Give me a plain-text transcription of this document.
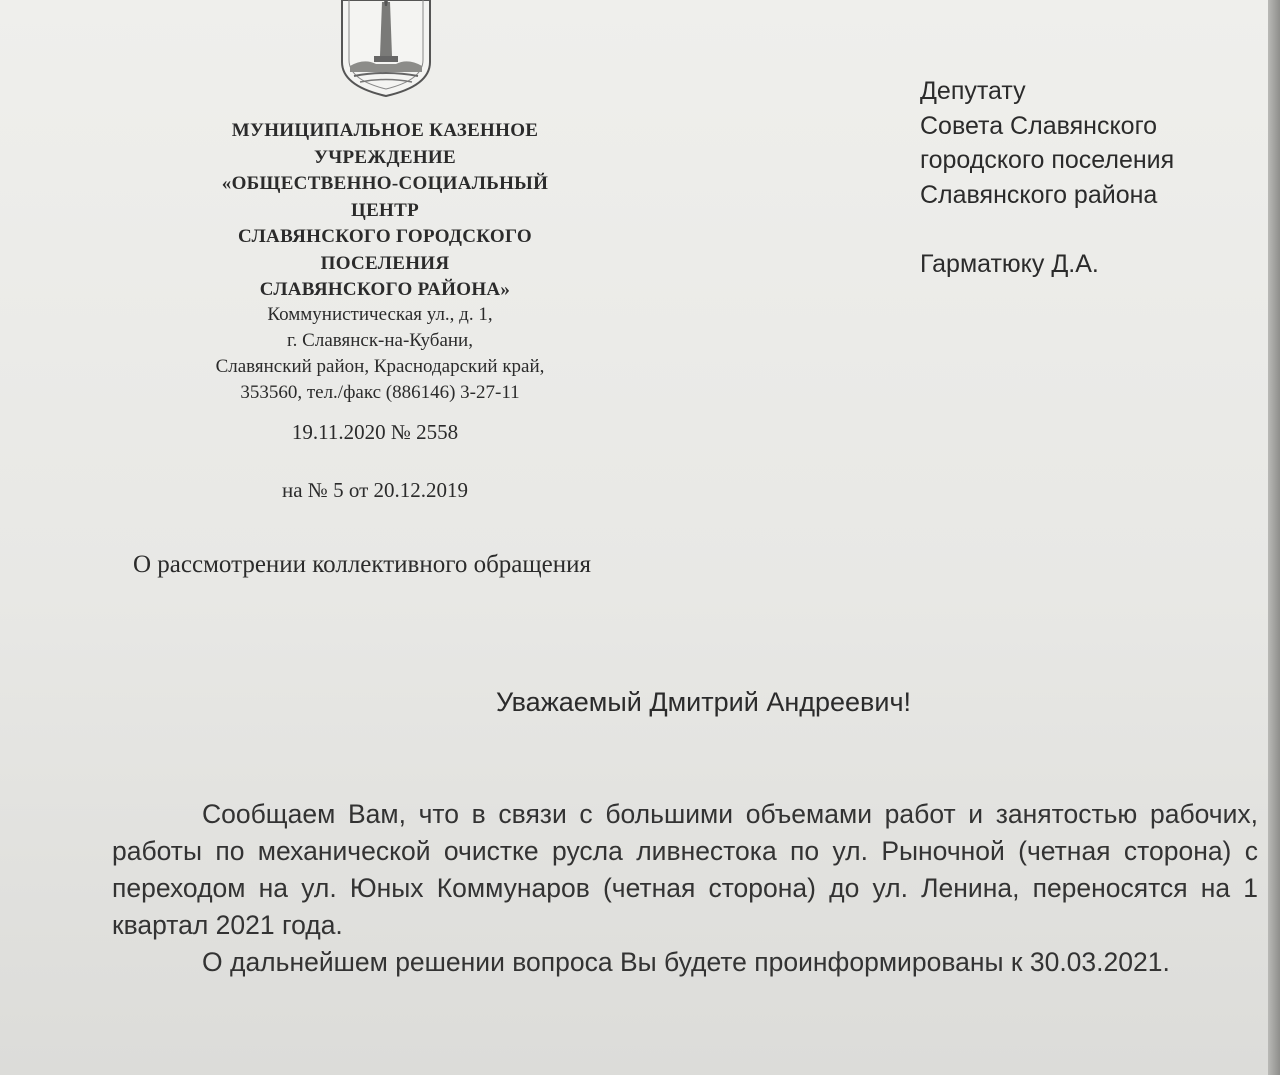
МУНИЦИПАЛЬНОЕ КАЗЕННОЕ
УЧРЕЖДЕНИЕ
«ОБЩЕСТВЕННО-СОЦИАЛЬНЫЙ
ЦЕНТР
СЛАВЯНСКОГО ГОРОДСКОГО
ПОСЕЛЕНИЯ
СЛАВЯНСКОГО РАЙОНА»
Коммунистическая ул., д. 1,
г. Славянск-на-Кубани,
Славянский район, Краснодарский край,
353560, тел./факс (886146) 3-27-11
19.11.2020 № 2558
на № 5 от 20.12.2019
О рассмотрении коллективного обращения
Депутату
Совета Славянского
городского поселения
Славянского района
Гарматюку Д.А.
Уважаемый Дмитрий Андреевич!

Сообщаем Вам, что в связи с большими объемами работ и занятостью рабочих, работы по механической очистке русла ливнестока по ул. Рыночной (четная сторона) с переходом на ул. Юных Коммунаров (четная сторона) до ул. Ленина, переносятся на 1 квартал 2021 года.

О дальнейшем решении вопроса Вы будете проинформированы к 30.03.2021.
